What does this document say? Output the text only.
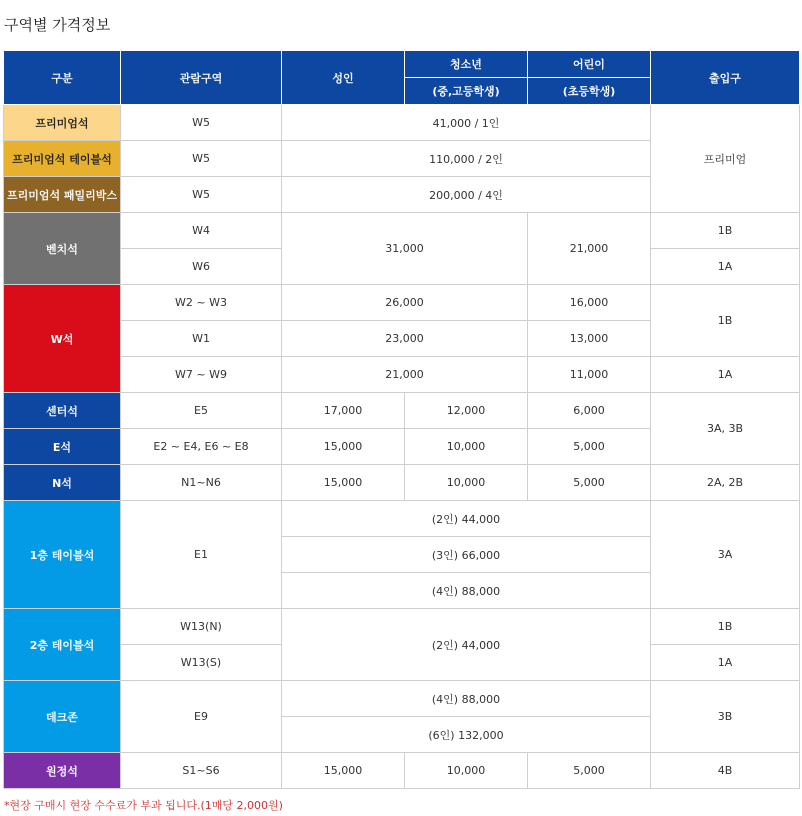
구역별 가격정보
구분	관람구역	성인	청소년	어린이	출입구
			(중,고등학생)	(초등학생)	
프리미엄석	W5	41,000 / 1인			프리미엄
프리미엄석 테이블석	W5	110,000 / 2인			
프리미엄석 패밀리박스	W5	200,000 / 4인			
벤치석	W4	31,000		21,000	1B
	W6				1A
W석	W2 ~ W3	26,000		16,000	1B
	W1	23,000		13,000	
	W7 ~ W9	21,000		11,000	1A
센터석	E5	17,000	12,000	6,000	3A, 3B
E석	E2 ~ E4, E6 ~ E8	15,000	10,000	5,000	
N석	N1~N6	15,000	10,000	5,000	2A, 2B
1층 테이블석	E1	(2인) 44,000			3A
		(3인) 66,000			
		(4인) 88,000			
2층 테이블석	W13(N)	(2인) 44,000			1B
	W13(S)				1A
데크존	E9	(4인) 88,000			3B
		(6인) 132,000			
원정석	S1~S6	15,000	10,000	5,000	4B
*현장 구매시 현장 수수료가 부과 됩니다.(1매당 2,000원)
